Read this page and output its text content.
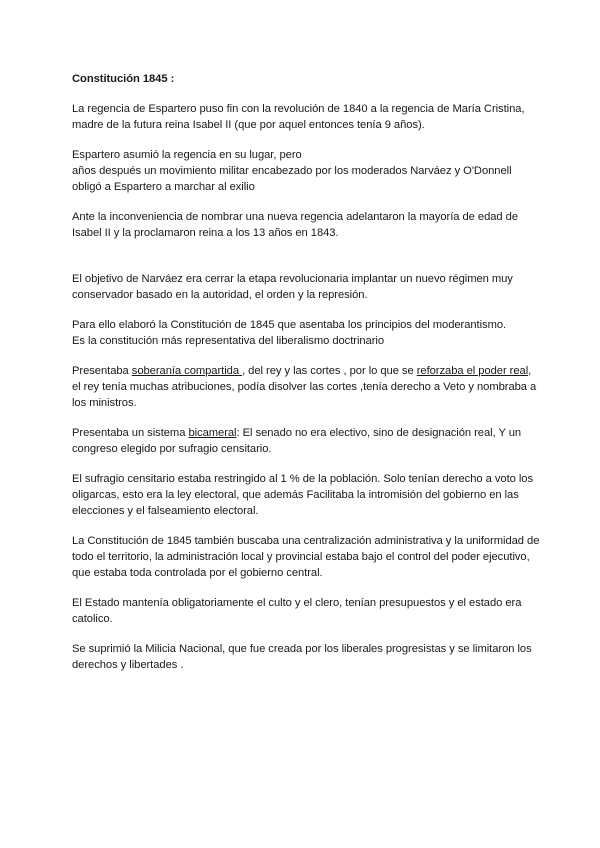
Constitución 1845 :

La regencia de Espartero puso fin con la revolución de 1840 a la regencia de María Cristina, madre de la futura reina Isabel II (que por aquel entonces tenía 9 años).

Espartero asumió la regencia en su lugar, pero
años después un movimiento militar encabezado por los moderados Narváez y O'Donnell obligó a Espartero a marchar al exilio

Ante la inconveniencia de nombrar una nueva regencia adelantaron la mayoría de edad de Isabel II y la proclamaron reina a los 13 años en 1843.

El objetivo de Narváez era cerrar la etapa revolucionaria implantar un nuevo régimen muy conservador basado en la autoridad, el orden y la represión.

Para ello elaboró la Constitución de 1845 que asentaba los principios del moderantismo.
Es la constitución más representativa del liberalismo doctrinario

Presentaba soberanía compartida , del rey y las cortes , por lo que se reforzaba el poder real, el rey tenía muchas atribuciones, podía disolver las cortes ,tenía derecho a Veto y nombraba a los ministros.

Presentaba un sistema bicameral: El senado no era electivo, sino de designación real, Y un congreso elegido por sufragio censitario.

El sufragio censitario estaba restringido al 1 % de la población. Solo tenían derecho a voto los oligarcas, esto era la ley electoral, que además Facilitaba la intromisión del gobierno en las elecciones y el falseamiento electoral.

La Constitución de 1845 también buscaba una centralización administrativa y la uniformidad de todo el territorio, la administración local y provincial estaba bajo el control del poder ejecutivo, que estaba toda controlada por el gobierno central.

El Estado mantenía obligatoriamente el culto y el clero, tenían presupuestos y el estado era catolico.

Se suprimió la Milicia Nacional, que fue creada por los liberales progresistas y se limitaron los derechos y libertades .
